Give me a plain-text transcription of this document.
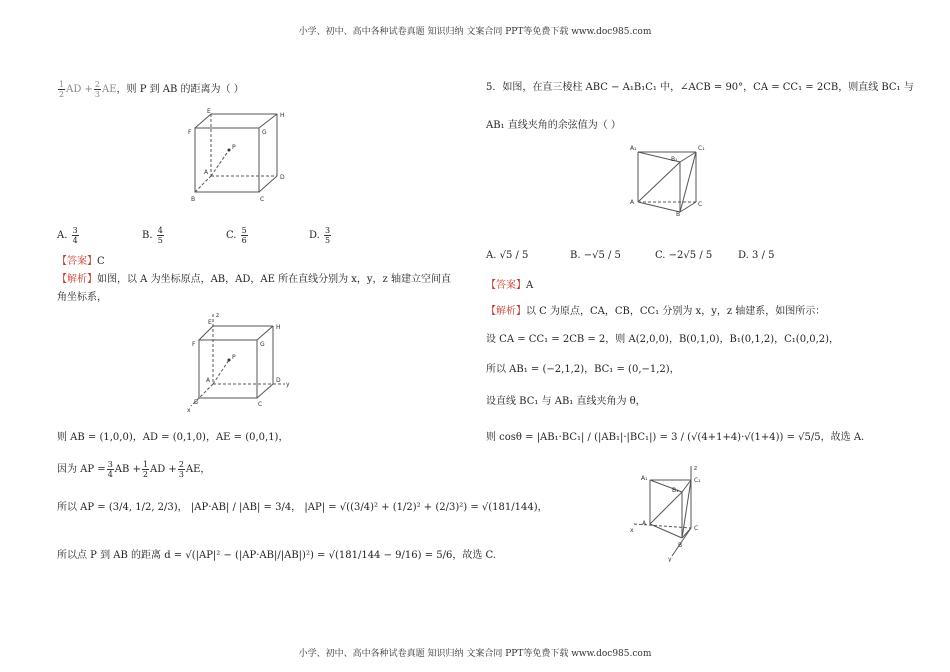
小学、初中、高中各种试卷真题 知识归纳 文案合同 PPT等免费下载 www.doc985.com
$\frac{1}{2}$ AD + $\frac{2}{3}$ AE，则 P 到 AB 的距离为（ ）
E
H
F	G
P
A
D
B	C
A. $\frac{3}{4}$	B. $\frac{4}{5}$	C. $\frac{5}{6}$	D. $\frac{3}{5}$
【答案】C
【解析】如图，以 A 为坐标原点，AB，AD，AE 所在直线分别为 x，y，z 轴建立空间直
角坐标系，
z
E
H
F	G
P
A	D
y
B	C
x
则 AB = (1,0,0)，AD = (0,1,0)，AE = (0,0,1)，
因为 AP = $\frac{3}{4}$ AB + $\frac{1}{2}$ AD + $\frac{2}{3}$ AE，
所以 AP = (3/4, 1/2, 2/3)， |AP·AB| / |AB| = 3/4， |AP| = √((3/4)² + (1/2)² + (2/3)²) = √(181/144)，
所以点 P 到 AB 的距离 d = √(|AP|² − (|AP·AB|/|AB|)²) = √(181/144 − 9/16) = 5/6，故选 C.
5．如图，在直三棱柱 ABC − A₁B₁C₁ 中，∠ACB = 90°，CA = CC₁ = 2CB，则直线 BC₁ 与
AB₁ 直线夹角的余弦值为（ ）
A₁	C₁
B₁
A	C
B
A. √5 / 5	B. −√5 / 5	C. −2√5 / 5	D. 3 / 5
【答案】A
【解析】以 C 为原点，CA，CB，CC₁ 分别为 x，y，z 轴建系，如图所示：
设 CA = CC₁ = 2CB = 2，则 A(2,0,0)，B(0,1,0)，B₁(0,1,2)，C₁(0,0,2)，
所以 AB₁ = (−2,1,2)，BC₁ = (0,−1,2)，
设直线 BC₁ 与 AB₁ 直线夹角为 θ，
则 cosθ = |AB₁·BC₁| / (|AB₁|·|BC₁|) = 3 / (√(4+1+4)·√(1+4)) = √5/5，故选 A.
z
A₁	C₁
B₁
A
x	C
B
y
小学、初中、高中各种试卷真题 知识归纳 文案合同 PPT等免费下载 www.doc985.com
